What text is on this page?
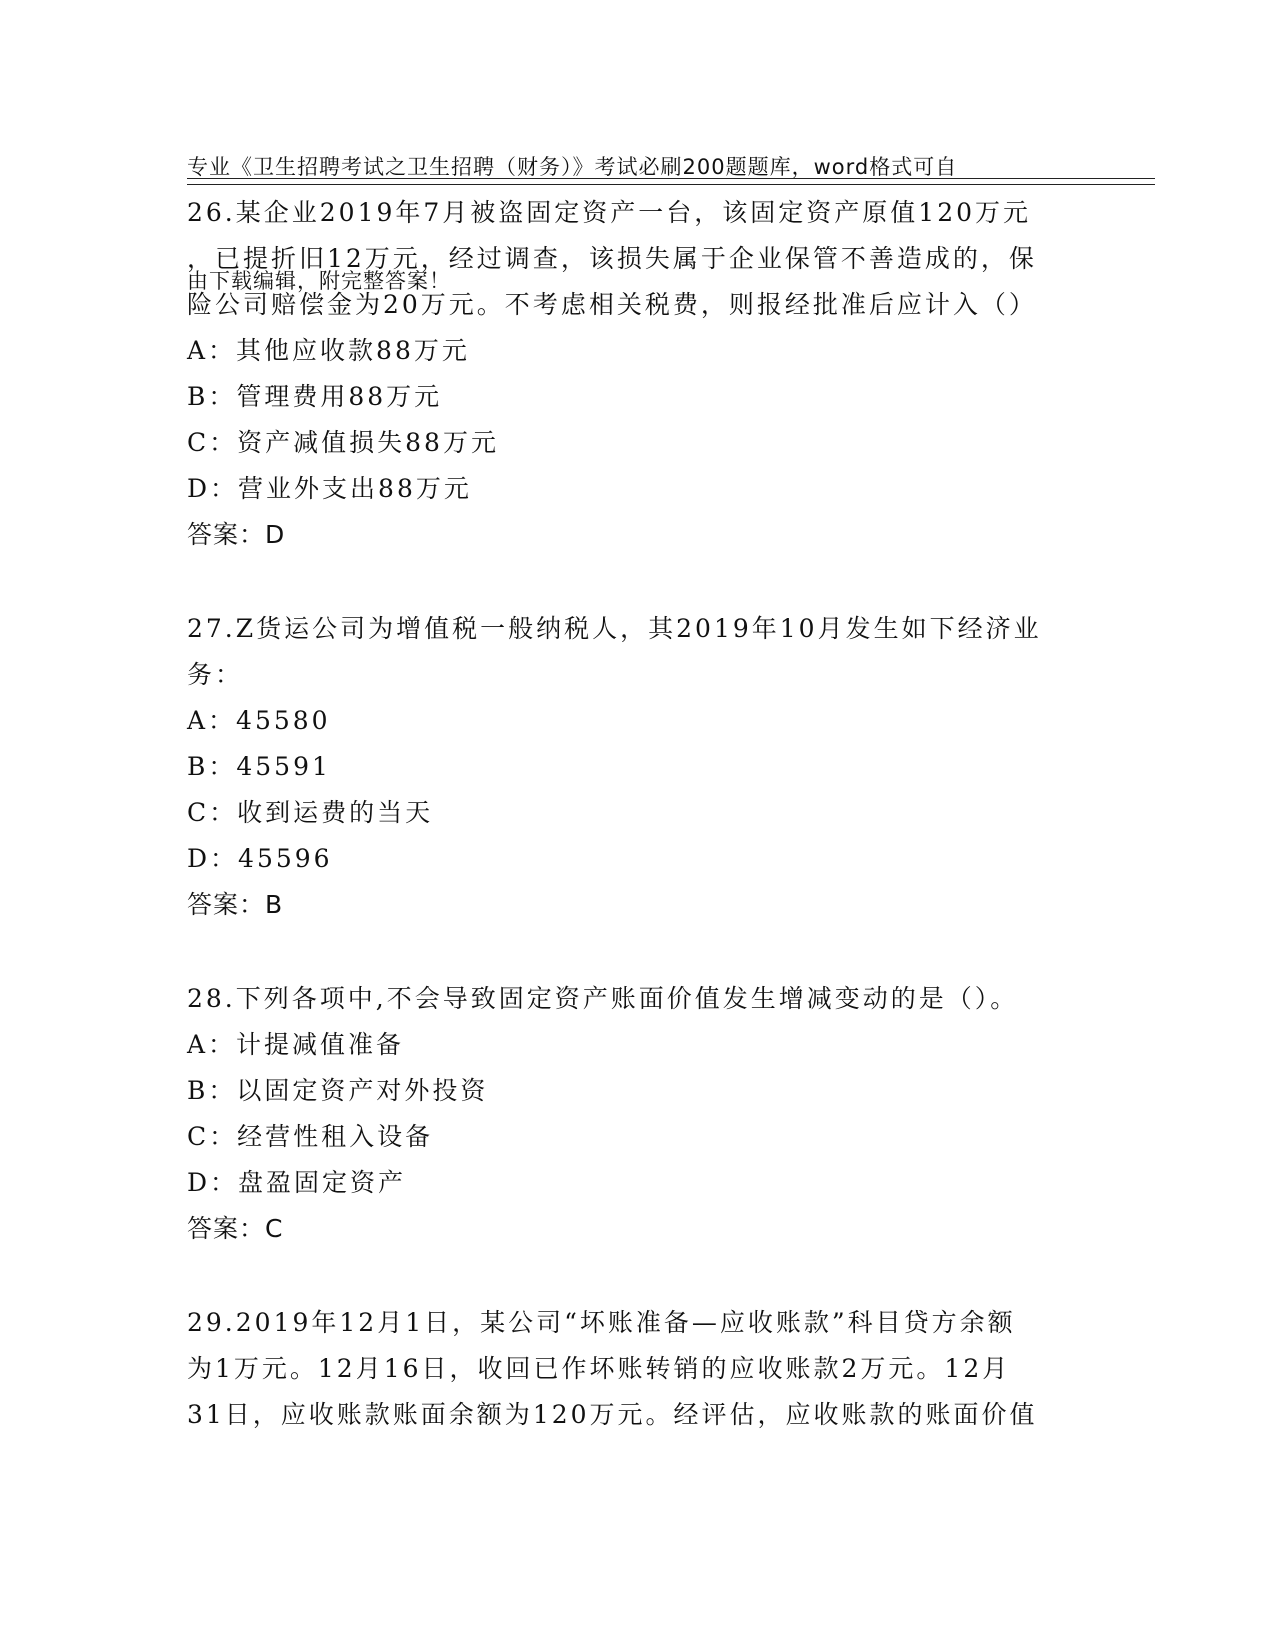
专业《卫生招聘考试之卫生招聘（财务）》考试必刷200题题库，word格式可自

由下载编辑，附完整答案！

26.某企业2019年7月被盗固定资产一台，该固定资产原值120万元

，已提折旧12万元，经过调查，该损失属于企业保管不善造成的，保

险公司赔偿金为20万元。不考虑相关税费，则报经批准后应计入（）

A：其他应收款88万元

B：管理费用88万元

C：资产减值损失88万元

D：营业外支出88万元

答案：D

27.Z货运公司为增值税一般纳税人，其2019年10月发生如下经济业

务：

A：45580

B：45591

C：收到运费的当天

D：45596

答案：B

28.下列各项中,不会导致固定资产账面价值发生增减变动的是（）。

A：计提减值准备

B：以固定资产对外投资

C：经营性租入设备

D：盘盈固定资产

答案：C

29.2019年12月1日，某公司“坏账准备—应收账款”科目贷方余额

为1万元。12月16日，收回已作坏账转销的应收账款2万元。12月

31日，应收账款账面余额为120万元。经评估，应收账款的账面价值
